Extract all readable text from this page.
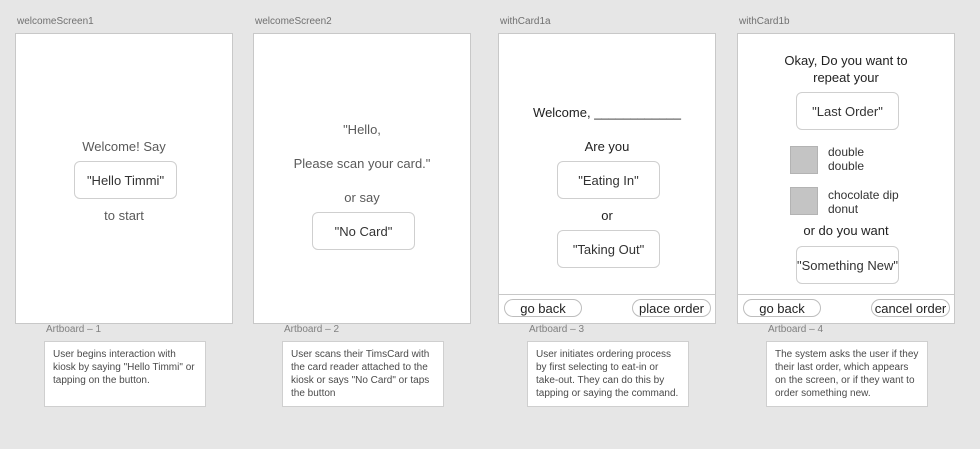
welcomeScreen1
Welcome! Say
"Hello Timmi"
to start
Artboard – 1
User begins interaction with kiosk by saying "Hello Timmi" or tapping on the button.
welcomeScreen2
"Hello,
Please scan your card."
or say
"No Card"
Artboard – 2
User scans their TimsCard with the card reader attached to the kiosk or says "No Card" or taps the button
withCard1a
Welcome, ____________
Are you
"Eating In"
or
"Taking Out"
go back	place order
Artboard – 3
User initiates ordering process by first selecting to eat-in or take-out. They can do this by tapping or saying the command.
withCard1b
Okay, Do you want to
repeat your
"Last Order"
double double
chocolate dip donut
or do you want
"Something New"
go back	cancel order
Artboard – 4
The system asks the user if they their last order, which appears on the screen, or if they want to order something new.
